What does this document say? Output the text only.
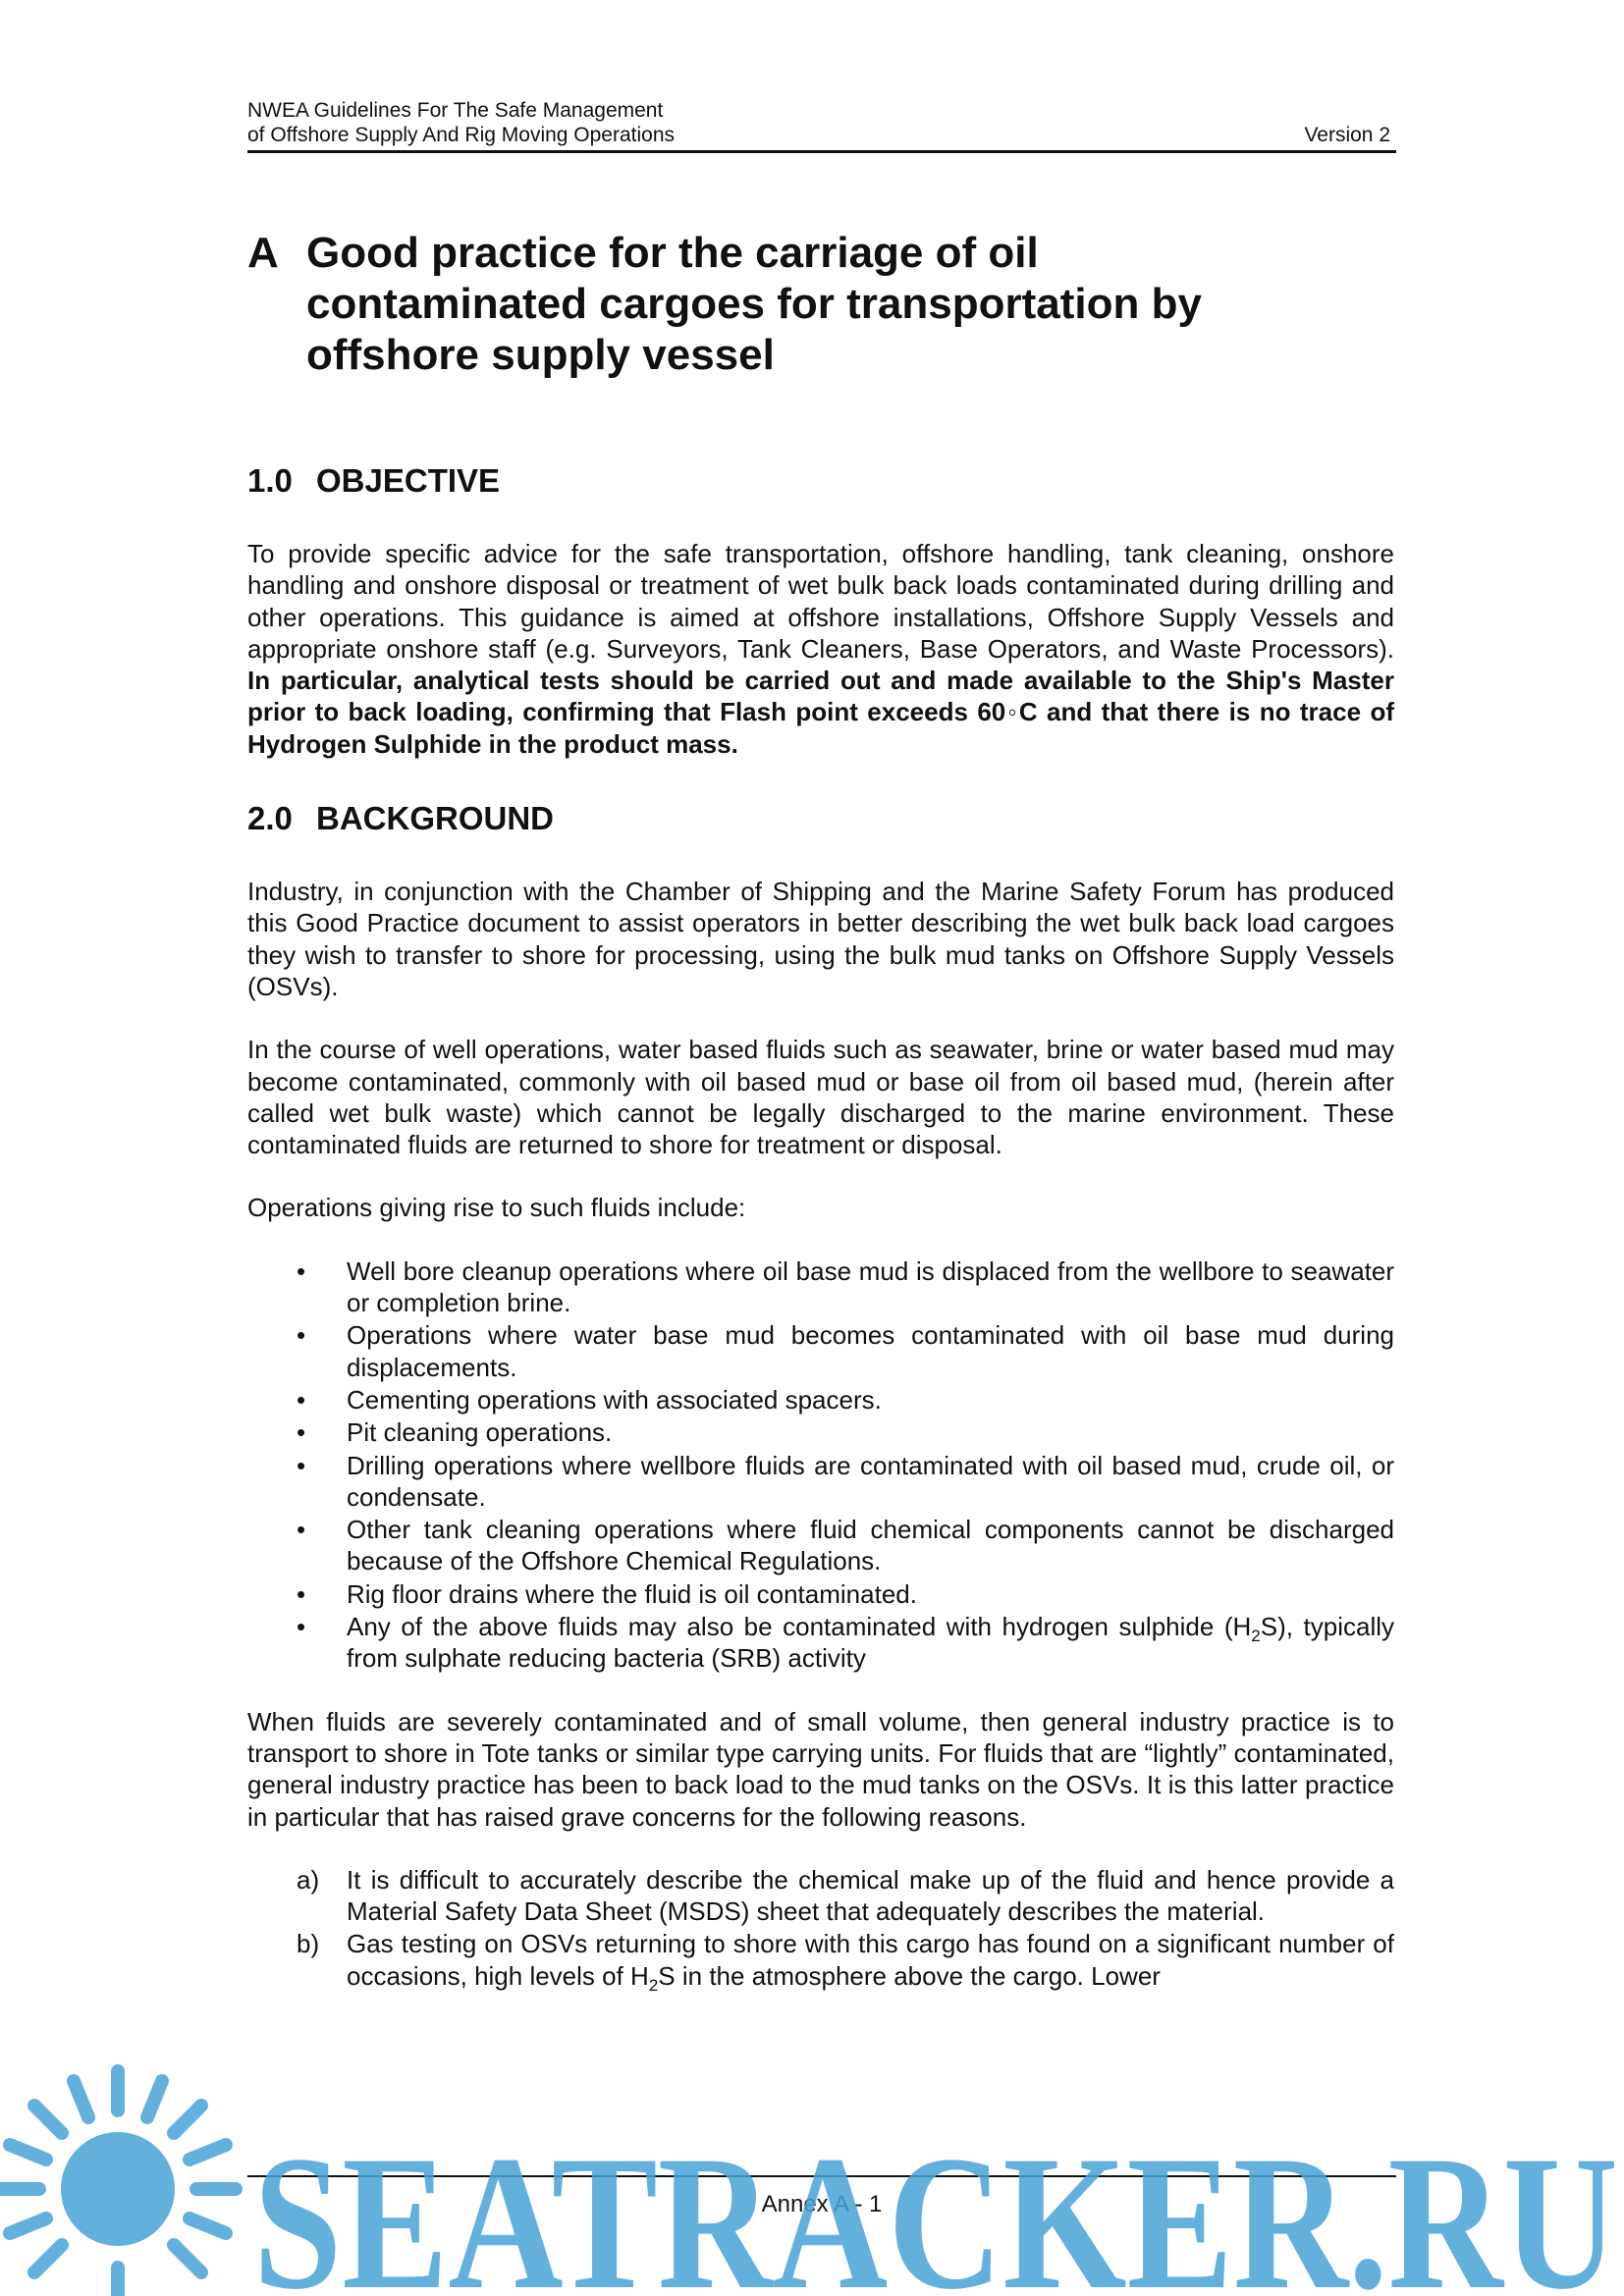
NWEA Guidelines For The Safe Management
of Offshore Supply And Rig Moving Operations	Version 2
A Good practice for the carriage of oil contaminated cargoes for transportation by offshore supply vessel
1.0 OBJECTIVE

To provide specific advice for the safe transportation, offshore handling, tank cleaning, onshore handling and onshore disposal or treatment of wet bulk back loads contaminated during drilling and other operations. This guidance is aimed at offshore installations, Offshore Supply Vessels and appropriate onshore staff (e.g. Surveyors, Tank Cleaners, Base Operators, and Waste Processors). In particular, analytical tests should be carried out and made available to the Ship's Master prior to back loading, confirming that Flash point exceeds 60◦C and that there is no trace of Hydrogen Sulphide in the product mass.

2.0 BACKGROUND

Industry, in conjunction with the Chamber of Shipping and the Marine Safety Forum has produced this Good Practice document to assist operators in better describing the wet bulk back load cargoes they wish to transfer to shore for processing, using the bulk mud tanks on Offshore Supply Vessels (OSVs).

In the course of well operations, water based fluids such as seawater, brine or water based mud may become contaminated, commonly with oil based mud or base oil from oil based mud, (herein after called wet bulk waste) which cannot be legally discharged to the marine environment. These contaminated fluids are returned to shore for treatment or disposal.

Operations giving rise to such fluids include:

•	Well bore cleanup operations where oil base mud is displaced from the wellbore to seawater or completion brine.
•	Operations where water base mud becomes contaminated with oil base mud during displacements.
•	Cementing operations with associated spacers.
•	Pit cleaning operations.
•	Drilling operations where wellbore fluids are contaminated with oil based mud, crude oil, or condensate.
•	Other tank cleaning operations where fluid chemical components cannot be discharged because of the Offshore Chemical Regulations.
•	Rig floor drains where the fluid is oil contaminated.
•	Any of the above fluids may also be contaminated with hydrogen sulphide $(H_2S)$, typically from sulphate reducing bacteria (SRB) activity

When fluids are severely contaminated and of small volume, then general industry practice is to transport to shore in Tote tanks or similar type carrying units. For fluids that are “lightly” contaminated, general industry practice has been to back load to the mud tanks on the OSVs. It is this latter practice in particular that has raised grave concerns for the following reasons.

a) It is difficult to accurately describe the chemical make up of the fluid and hence provide a Material Safety Data Sheet (MSDS) sheet that adequately describes the material.
b) Gas testing on OSVs returning to shore with this cargo has found on a significant number of occasions, high levels of $H_2S$ in the atmosphere above the cargo. Lower
Annex A - 1
SEATRACKER.RU
